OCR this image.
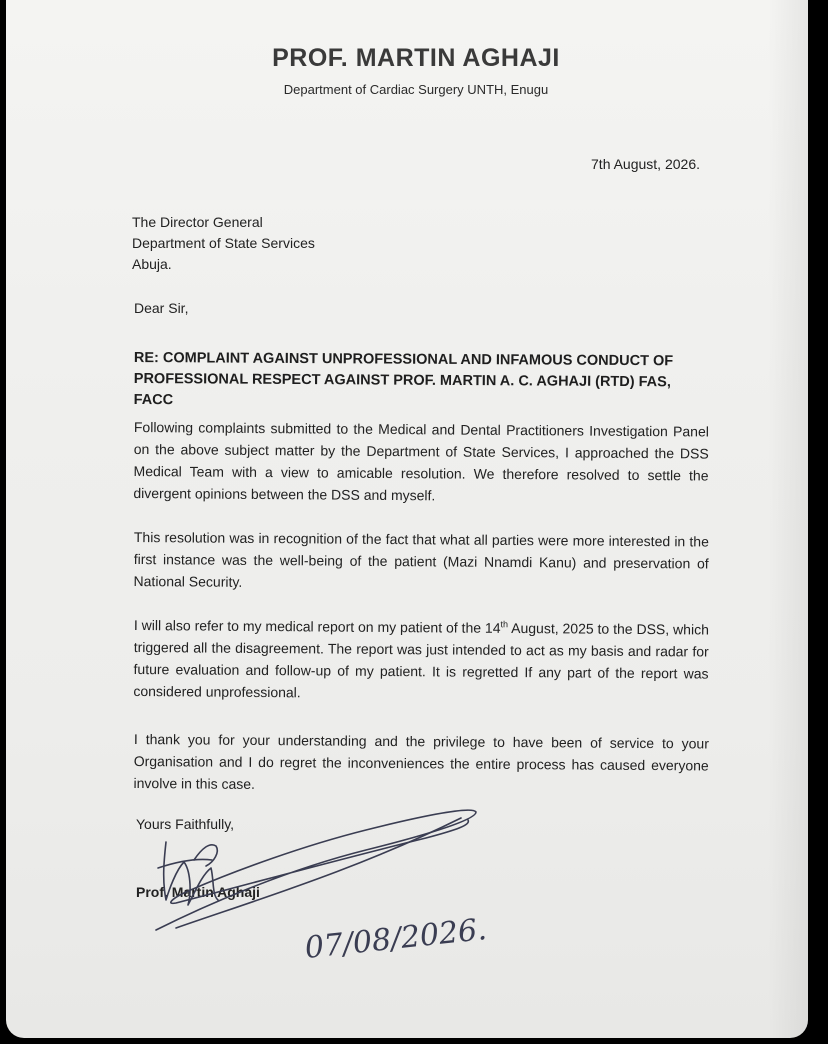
PROF. MARTIN AGHAJI
Department of Cardiac Surgery UNTH, Enugu
7th August, 2026.
The Director General
Department of State Services
Abuja.
Dear Sir,
RE: COMPLAINT AGAINST UNPROFESSIONAL AND INFAMOUS CONDUCT OF
PROFESSIONAL RESPECT AGAINST PROF. MARTIN A. C. AGHAJI (RTD) FAS, FACC
Following complaints submitted to the Medical and Dental Practitioners Investigation Panel on the above subject matter by the Department of State Services, I approached the DSS Medical Team with a view to amicable resolution. We therefore resolved to settle the divergent opinions between the DSS and myself.
This resolution was in recognition of the fact that what all parties were more interested in the first instance was the well-being of the patient (Mazi Nnamdi Kanu) and preservation of National Security.
I will also refer to my medical report on my patient of the 14th August, 2025 to the DSS, which triggered all the disagreement. The report was just intended to act as my basis and radar for future evaluation and follow-up of my patient. It is regretted If any part of the report was considered unprofessional.
I thank you for your understanding and the privilege to have been of service to your Organisation and I do regret the inconveniences the entire process has caused everyone involve in this case.
Yours Faithfully,
Prof. Martin Aghaji
07/08/2026.
